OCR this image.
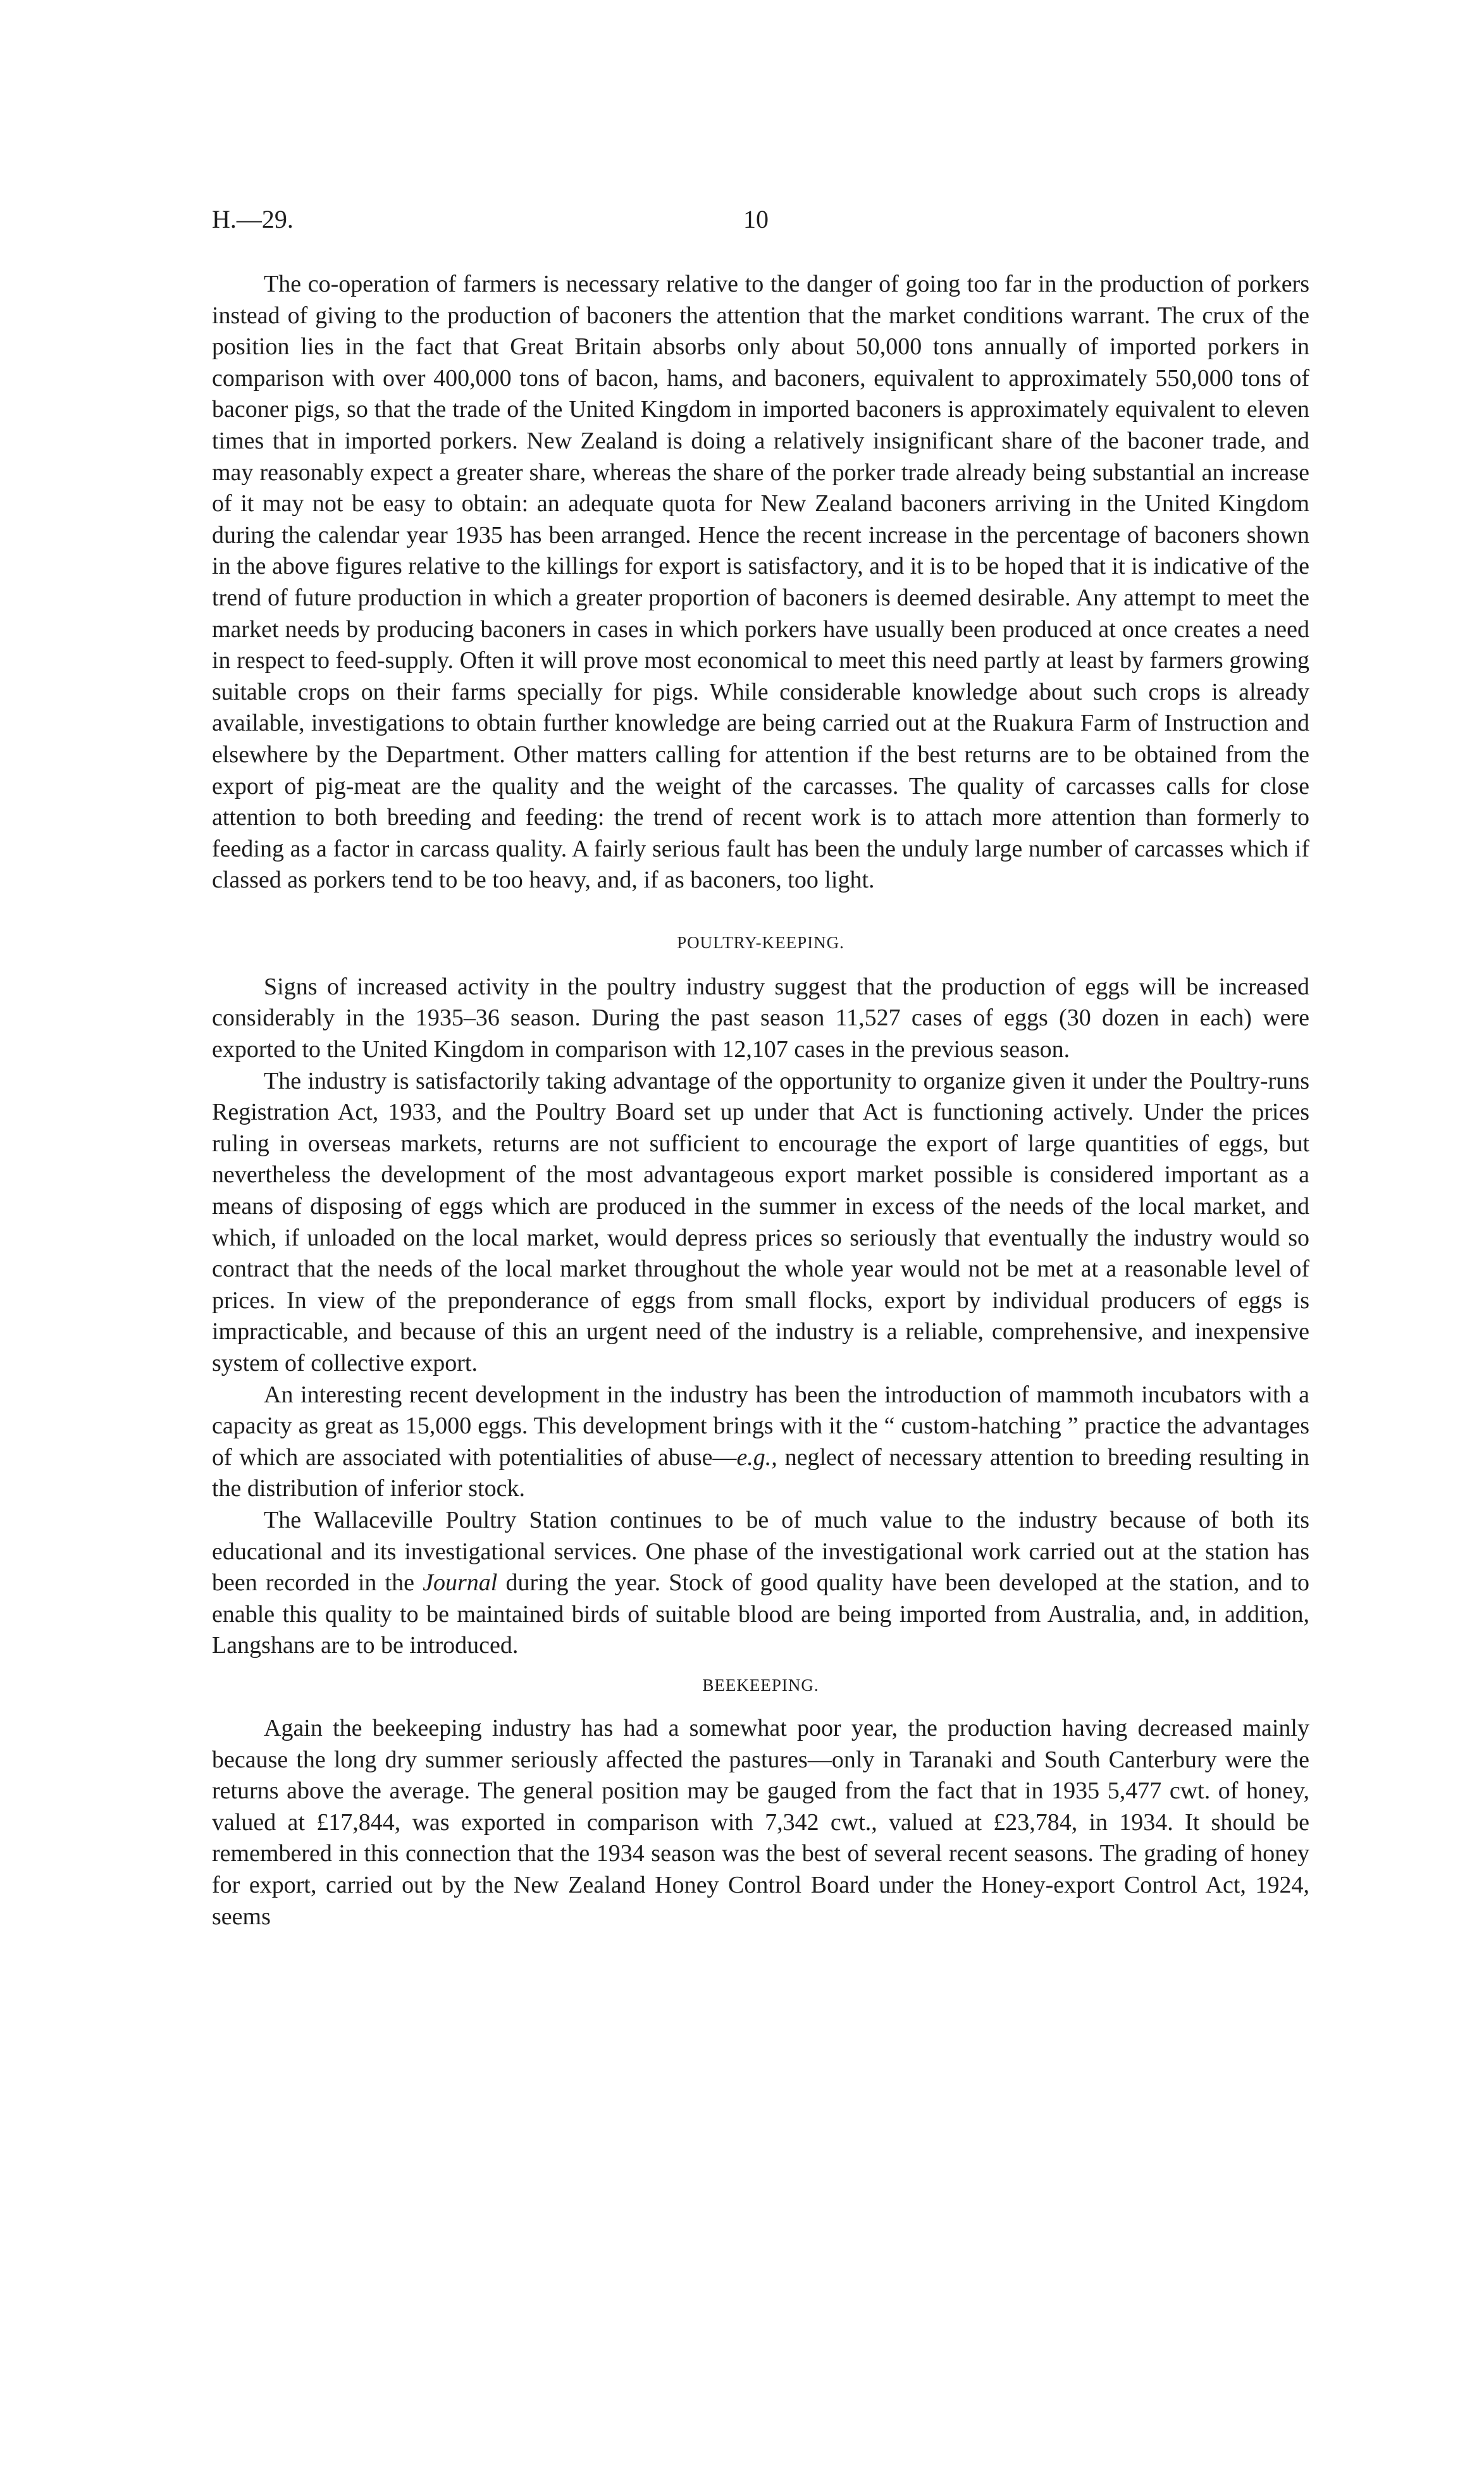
H.—29.	10

The co-operation of farmers is necessary relative to the danger of going too far in the production of porkers instead of giving to the production of baconers the attention that the market conditions warrant. The crux of the position lies in the fact that Great Britain absorbs only about 50,000 tons annually of imported porkers in comparison with over 400,000 tons of bacon, hams, and baconers, equivalent to approximately 550,000 tons of baconer pigs, so that the trade of the United Kingdom in imported baconers is approximately equivalent to eleven times that in imported porkers. New Zealand is doing a relatively insignificant share of the baconer trade, and may reasonably expect a greater share, whereas the share of the porker trade already being substantial an increase of it may not be easy to obtain: an adequate quota for New Zealand baconers arriving in the United Kingdom during the calendar year 1935 has been arranged. Hence the recent increase in the percentage of baconers shown in the above figures relative to the killings for export is satisfactory, and it is to be hoped that it is indicative of the trend of future production in which a greater proportion of baconers is deemed desirable. Any attempt to meet the market needs by producing baconers in cases in which porkers have usually been produced at once creates a need in respect to feed-supply. Often it will prove most economical to meet this need partly at least by farmers growing suitable crops on their farms specially for pigs. While considerable knowledge about such crops is already available, investigations to obtain further knowledge are being carried out at the Ruakura Farm of Instruction and elsewhere by the Department. Other matters calling for attention if the best returns are to be obtained from the export of pig-meat are the quality and the weight of the carcasses. The quality of carcasses calls for close attention to both breeding and feeding: the trend of recent work is to attach more attention than formerly to feeding as a factor in carcass quality. A fairly serious fault has been the unduly large number of carcasses which if classed as porkers tend to be too heavy, and, if as baconers, too light.

POULTRY-KEEPING.

Signs of increased activity in the poultry industry suggest that the production of eggs will be increased considerably in the 1935–36 season. During the past season 11,527 cases of eggs (30 dozen in each) were exported to the United Kingdom in comparison with 12,107 cases in the previous season.

The industry is satisfactorily taking advantage of the opportunity to organize given it under the Poultry-runs Registration Act, 1933, and the Poultry Board set up under that Act is functioning actively. Under the prices ruling in overseas markets, returns are not sufficient to encourage the export of large quantities of eggs, but nevertheless the development of the most advantageous export market possible is considered important as a means of disposing of eggs which are produced in the summer in excess of the needs of the local market, and which, if unloaded on the local market, would depress prices so seriously that eventually the industry would so contract that the needs of the local market throughout the whole year would not be met at a reasonable level of prices. In view of the preponderance of eggs from small flocks, export by individual producers of eggs is impracticable, and because of this an urgent need of the industry is a reliable, comprehensive, and inexpensive system of collective export.

An interesting recent development in the industry has been the introduction of mammoth incubators with a capacity as great as 15,000 eggs. This development brings with it the “ custom-hatching ” practice the advantages of which are associated with potentialities of abuse—e.g., neglect of necessary attention to breeding resulting in the distribution of inferior stock.

The Wallaceville Poultry Station continues to be of much value to the industry because of both its educational and its investigational services. One phase of the investigational work carried out at the station has been recorded in the Journal during the year. Stock of good quality have been developed at the station, and to enable this quality to be maintained birds of suitable blood are being imported from Australia, and, in addition, Langshans are to be introduced.

BEEKEEPING.

Again the beekeeping industry has had a somewhat poor year, the production having decreased mainly because the long dry summer seriously affected the pastures—only in Taranaki and South Canterbury were the returns above the average. The general position may be gauged from the fact that in 1935 5,477 cwt. of honey, valued at £17,844, was exported in comparison with 7,342 cwt., valued at £23,784, in 1934. It should be remembered in this connection that the 1934 season was the best of several recent seasons. The grading of honey for export, carried out by the New Zealand Honey Control Board under the Honey-export Control Act, 1924, seems
